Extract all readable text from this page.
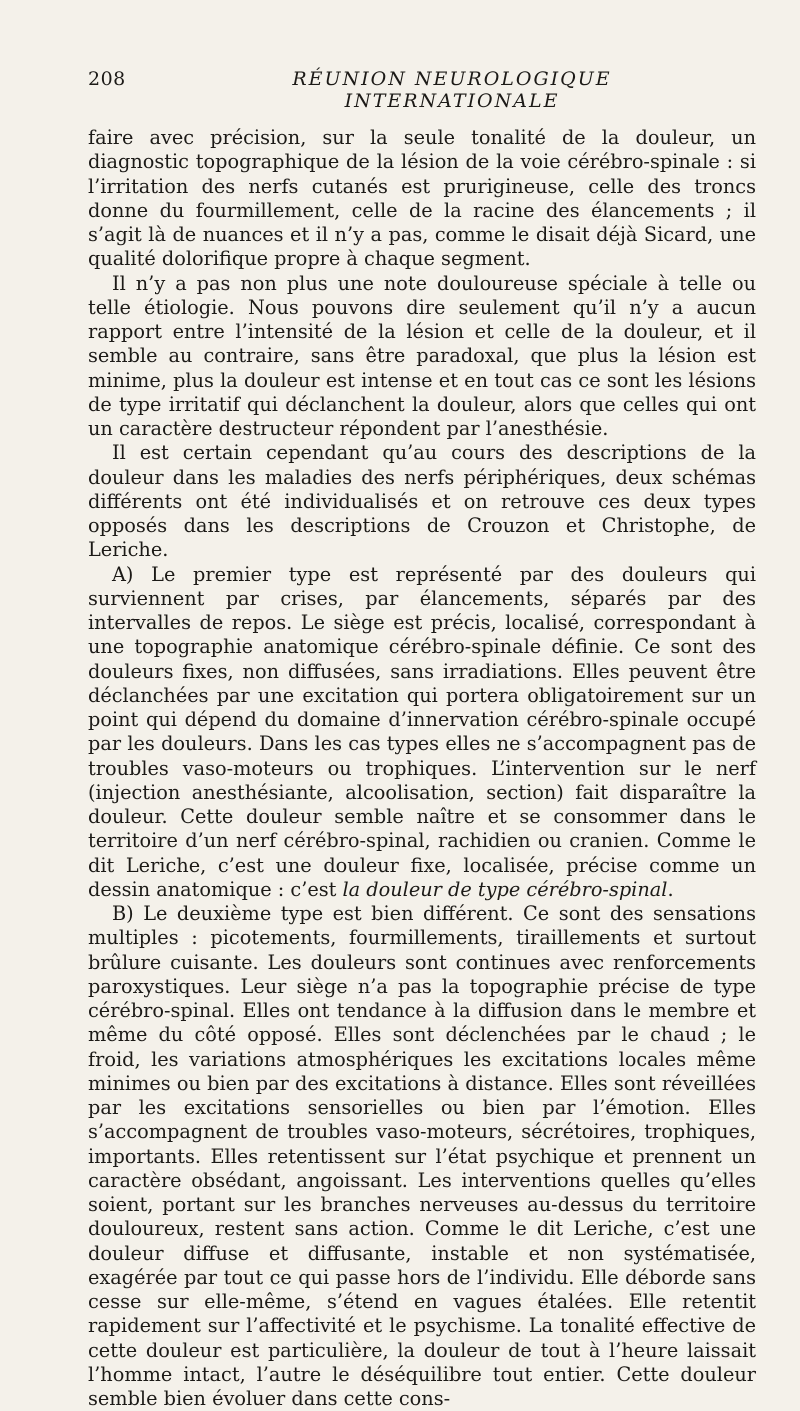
208	RÉUNION NEUROLOGIQUE INTERNATIONALE

faire avec précision, sur la seule tonalité de la douleur, un diagnostic topographique de la lésion de la voie cérébro-spinale : si l’irritation des nerfs cutanés est prurigineuse, celle des troncs donne du fourmillement, celle de la racine des élancements ; il s’agit là de nuances et il n’y a pas, comme le disait déjà Sicard, une qualité dolorifique propre à chaque segment.

Il n’y a pas non plus une note douloureuse spéciale à telle ou telle étiologie. Nous pouvons dire seulement qu’il n’y a aucun rapport entre l’intensité de la lésion et celle de la douleur, et il semble au contraire, sans être paradoxal, que plus la lésion est minime, plus la douleur est intense et en tout cas ce sont les lésions de type irritatif qui déclanchent la douleur, alors que celles qui ont un caractère destructeur répondent par l’anesthésie.

Il est certain cependant qu’au cours des descriptions de la douleur dans les maladies des nerfs périphériques, deux schémas différents ont été individualisés et on retrouve ces deux types opposés dans les descriptions de Crouzon et Christophe, de Leriche.

A) Le premier type est représenté par des douleurs qui surviennent par crises, par élancements, séparés par des intervalles de repos. Le siège est précis, localisé, correspondant à une topographie anatomique cérébro-spinale définie. Ce sont des douleurs fixes, non diffusées, sans irradiations. Elles peuvent être déclanchées par une excitation qui portera obligatoirement sur un point qui dépend du domaine d’innervation cérébro-spinale occupé par les douleurs. Dans les cas types elles ne s’accompagnent pas de troubles vaso-moteurs ou trophiques. L’intervention sur le nerf (injection anesthésiante, alcoolisation, section) fait disparaître la douleur. Cette douleur semble naître et se consommer dans le territoire d’un nerf cérébro-spinal, rachidien ou cranien. Comme le dit Leriche, c’est une douleur fixe, localisée, précise comme un dessin anatomique : c’est la douleur de type cérébro-spinal.

B) Le deuxième type est bien différent. Ce sont des sensations multiples : picotements, fourmillements, tiraillements et surtout brûlure cuisante. Les douleurs sont continues avec renforcements paroxystiques. Leur siège n’a pas la topographie précise de type cérébro-spinal. Elles ont tendance à la diffusion dans le membre et même du côté opposé. Elles sont déclenchées par le chaud ; le froid, les variations atmosphériques les excitations locales même minimes ou bien par des excitations à distance. Elles sont réveillées par les excitations sensorielles ou bien par l’émotion. Elles s’accompagnent de troubles vaso-moteurs, sécrétoires, trophiques, importants. Elles retentissent sur l’état psychique et prennent un caractère obsédant, angoissant. Les interventions quelles qu’elles soient, portant sur les branches nerveuses au-dessus du territoire douloureux, restent sans action. Comme le dit Leriche, c’est une douleur diffuse et diffusante, instable et non systématisée, exagérée par tout ce qui passe hors de l’individu. Elle déborde sans cesse sur elle-même, s’étend en vagues étalées. Elle retentit rapidement sur l’affectivité et le psychisme. La tonalité effective de cette douleur est particulière, la douleur de tout à l’heure laissait l’homme intact, l’autre le déséquilibre tout entier. Cette douleur semble bien évoluer dans cette cons-
